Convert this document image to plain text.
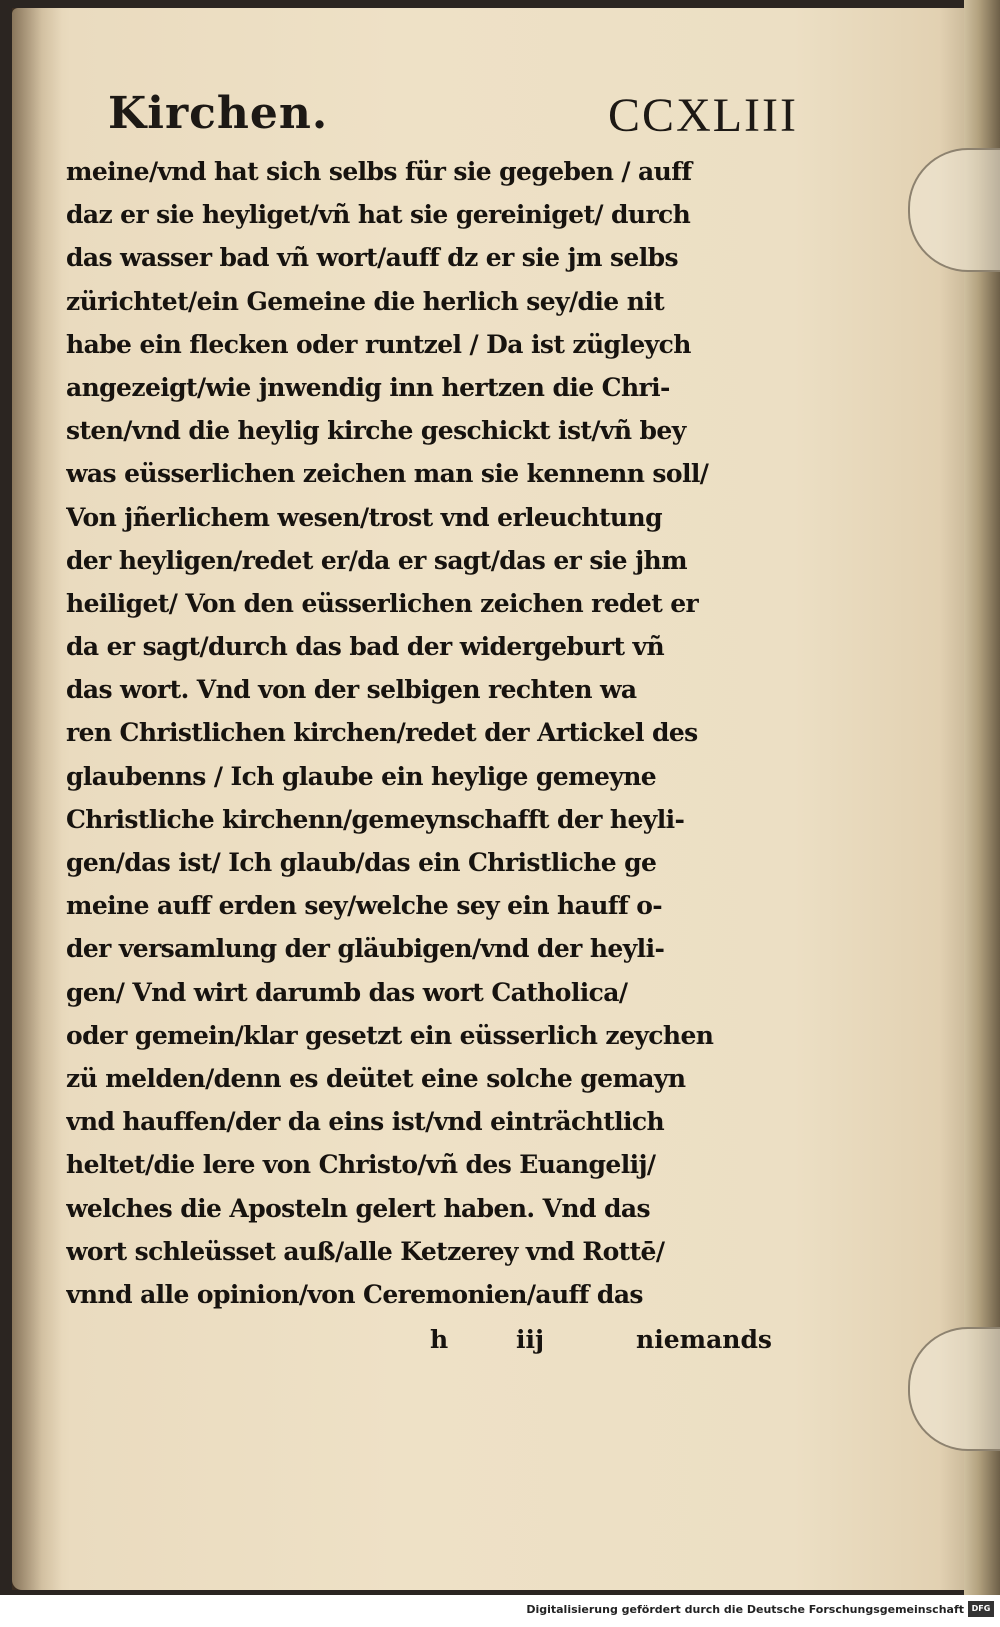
Kirchen.	CCXLIII
meine/vnd hat sich selbs für sie gegeben / auff
daz er sie heyliget/vñ hat sie gereiniget/ durch
das wasser bad vñ wort/auff dz er sie jm selbs
zürichtet/ein Gemeine die herlich sey/die nit
habe ein flecken oder runtzel / Da ist zügleych
angezeigt/wie jnwendig inn hertzen die Chri-
sten/vnd die heylig kirche geschickt ist/vñ bey
was eüsserlichen zeichen man sie kennenn soll/
Von jñerlichem wesen/trost vnd erleuchtung
der heyligen/redet er/da er sagt/das er sie jhm
heiliget/ Von den eüsserlichen zeichen redet er
da er sagt/durch das bad der widergeburt vñ
das wort. Vnd von der selbigen rechten wa
ren Christlichen kirchen/redet der Artickel des
glaubenns / Ich glaube ein heylige gemeyne
Christliche kirchenn/gemeynschafft der heyli-
gen/das ist/ Ich glaub/das ein Christliche ge
meine auff erden sey/welche sey ein hauff o-
der versamlung der gläubigen/vnd der heyli-
gen/ Vnd wirt darumb das wort Catholica/
oder gemein/klar gesetzt ein eüsserlich zeychen
zü melden/denn es deütet eine solche gemayn
vnd hauffen/der da eins ist/vnd einträchtlich
heltet/die lere von Christo/vñ des Euangelij/
welches die Aposteln gelert haben. Vnd das
wort schleüsset auß/alle Ketzerey vnd Rottē/
vnnd alle opinion/von Ceremonien/auff das
h	iij	niemands
Digitalisierung gefördert durch die Deutsche Forschungsgemeinschaft DFG
